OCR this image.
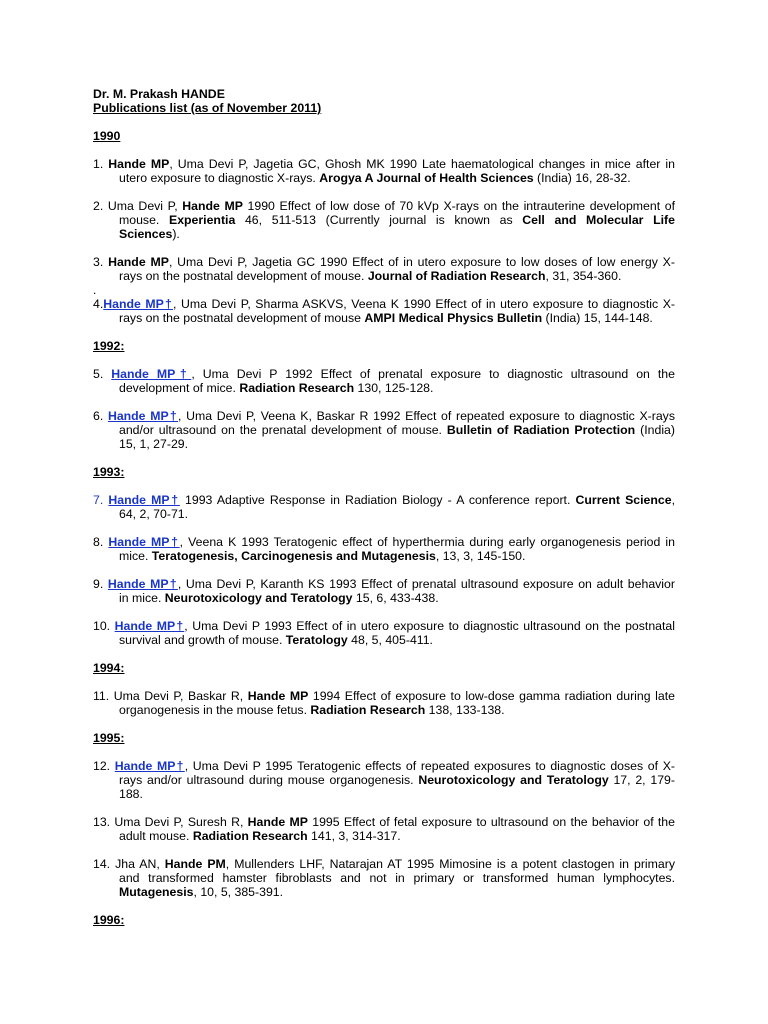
Dr. M. Prakash HANDE
Publications list (as of November 2011)
1990
1. Hande MP, Uma Devi P, Jagetia GC, Ghosh MK 1990 Late haematological changes in mice after in
utero exposure to diagnostic X-rays. Arogya A Journal of Health Sciences (India) 16, 28-32.
2. Uma Devi P, Hande MP 1990 Effect of low dose of 70 kVp X-rays on the intrauterine development of
mouse. Experientia 46, 511-513 (Currently journal is known as Cell and Molecular Life
Sciences).
3. Hande MP, Uma Devi P, Jagetia GC 1990 Effect of in utero exposure to low doses of low energy X-
rays on the postnatal development of mouse. Journal of Radiation Research, 31, 354-360.
.
4.Hande MP†, Uma Devi P, Sharma ASKVS, Veena K 1990 Effect of in utero exposure to diagnostic X-
rays on the postnatal development of mouse AMPI Medical Physics Bulletin (India) 15, 144-148.
1992:
5. Hande MP†, Uma Devi P 1992 Effect of prenatal exposure to diagnostic ultrasound on the
development of mice. Radiation Research 130, 125-128.
6. Hande MP†, Uma Devi P, Veena K, Baskar R 1992 Effect of repeated exposure to diagnostic X-rays
and/or ultrasound on the prenatal development of mouse. Bulletin of Radiation Protection (India)
15, 1, 27-29.
1993:
7. Hande MP† 1993 Adaptive Response in Radiation Biology - A conference report. Current Science,
64, 2, 70-71.
8. Hande MP†, Veena K 1993 Teratogenic effect of hyperthermia during early organogenesis period in
mice. Teratogenesis, Carcinogenesis and Mutagenesis, 13, 3, 145-150.
9. Hande MP†, Uma Devi P, Karanth KS 1993 Effect of prenatal ultrasound exposure on adult behavior
in mice. Neurotoxicology and Teratology 15, 6, 433-438.
10. Hande MP†, Uma Devi P 1993 Effect of in utero exposure to diagnostic ultrasound on the postnatal
survival and growth of mouse. Teratology 48, 5, 405-411.
1994:
11. Uma Devi P, Baskar R, Hande MP 1994 Effect of exposure to low-dose gamma radiation during late
organogenesis in the mouse fetus. Radiation Research 138, 133-138.
1995:
12. Hande MP†, Uma Devi P 1995 Teratogenic effects of repeated exposures to diagnostic doses of X-
rays and/or ultrasound during mouse organogenesis. Neurotoxicology and Teratology 17, 2, 179-
188.
13. Uma Devi P, Suresh R, Hande MP 1995 Effect of fetal exposure to ultrasound on the behavior of the
adult mouse. Radiation Research 141, 3, 314-317.
14. Jha AN, Hande PM, Mullenders LHF, Natarajan AT 1995 Mimosine is a potent clastogen in primary
and transformed hamster fibroblasts and not in primary or transformed human lymphocytes.
Mutagenesis, 10, 5, 385-391.
1996:
